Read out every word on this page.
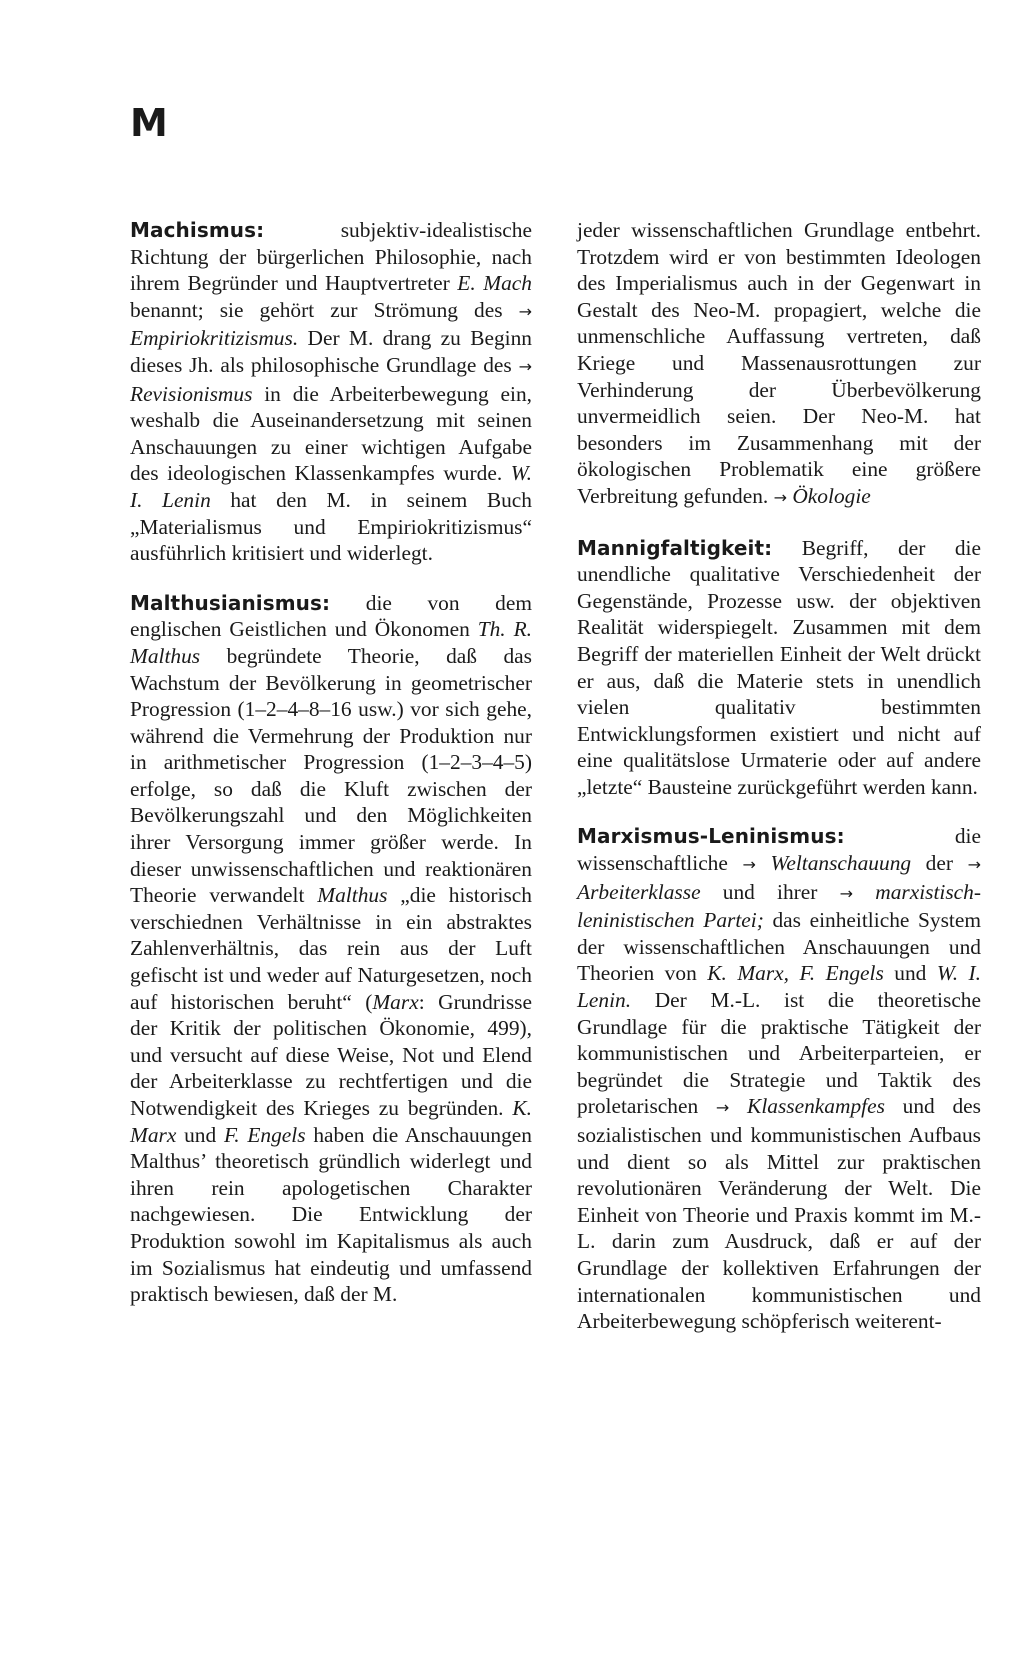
M

Machismus: subjektiv-idealistische Richtung der bürgerlichen Philosophie, nach ihrem Begründer und Hauptvertreter E. Mach benannt; sie gehört zur Strömung des → Empiriokritizismus. Der M. drang zu Beginn dieses Jh. als philosophische Grundlage des → Revisionismus in die Arbeiterbewegung ein, weshalb die Auseinandersetzung mit seinen Anschauungen zu einer wichtigen Aufgabe des ideologischen Klassenkampfes wurde. W. I. Lenin hat den M. in seinem Buch „Materialismus und Empiriokritizismus“ ausführlich kritisiert und widerlegt.

Malthusianismus: die von dem englischen Geistlichen und Ökonomen Th. R. Malthus begründete Theorie, daß das Wachstum der Bevölkerung in geometrischer Progression (1–2–4–8–16 usw.) vor sich gehe, während die Vermehrung der Produktion nur in arithmetischer Progression (1–2–3–4–5) erfolge, so daß die Kluft zwischen der Bevölkerungszahl und den Möglichkeiten ihrer Versorgung immer größer werde. In dieser unwissenschaftlichen und reaktionären Theorie verwandelt Malthus „die historisch verschiednen Verhältnisse in ein abstraktes Zahlenverhältnis, das rein aus der Luft gefischt ist und weder auf Naturgesetzen, noch auf historischen beruht“ (Marx: Grundrisse der Kritik der politischen Ökonomie, 499), und versucht auf diese Weise, Not und Elend der Arbeiterklasse zu rechtfertigen und die Notwendigkeit des Krieges zu begründen. K. Marx und F. Engels haben die Anschauungen Malthus’ theoretisch gründlich widerlegt und ihren rein apologetischen Charakter nachgewiesen. Die Entwicklung der Produktion sowohl im Kapitalismus als auch im Sozialismus hat eindeutig und umfassend praktisch bewiesen, daß der M.

jeder wissenschaftlichen Grundlage entbehrt. Trotzdem wird er von bestimmten Ideologen des Imperialismus auch in der Gegenwart in Gestalt des Neo-M. propagiert, welche die unmenschliche Auffassung vertreten, daß Kriege und Massenausrottungen zur Verhinderung der Überbevölkerung unvermeidlich seien. Der Neo-M. hat besonders im Zusammenhang mit der ökologischen Problematik eine größere Verbreitung gefunden. → Ökologie

Mannigfaltigkeit: Begriff, der die unendliche qualitative Verschiedenheit der Gegenstände, Prozesse usw. der objektiven Realität widerspiegelt. Zusammen mit dem Begriff der materiellen Einheit der Welt drückt er aus, daß die Materie stets in unendlich vielen qualitativ bestimmten Entwicklungsformen existiert und nicht auf eine qualitätslose Urmaterie oder auf andere „letzte“ Bausteine zurückgeführt werden kann.

Marxismus-Leninismus: die wissenschaftliche → Weltanschauung der → Arbeiterklasse und ihrer → marxistisch-leninistischen Partei; das einheitliche System der wissenschaftlichen Anschauungen und Theorien von K. Marx, F. Engels und W. I. Lenin. Der M.-L. ist die theoretische Grundlage für die praktische Tätigkeit der kommunistischen und Arbeiterparteien, er begründet die Strategie und Taktik des proletarischen → Klassenkampfes und des sozialistischen und kommunistischen Aufbaus und dient so als Mittel zur praktischen revolutionären Veränderung der Welt. Die Einheit von Theorie und Praxis kommt im M.-L. darin zum Ausdruck, daß er auf der Grundlage der kollektiven Erfahrungen der internationalen kommunistischen und Arbeiterbewegung schöpferisch weiterent-
